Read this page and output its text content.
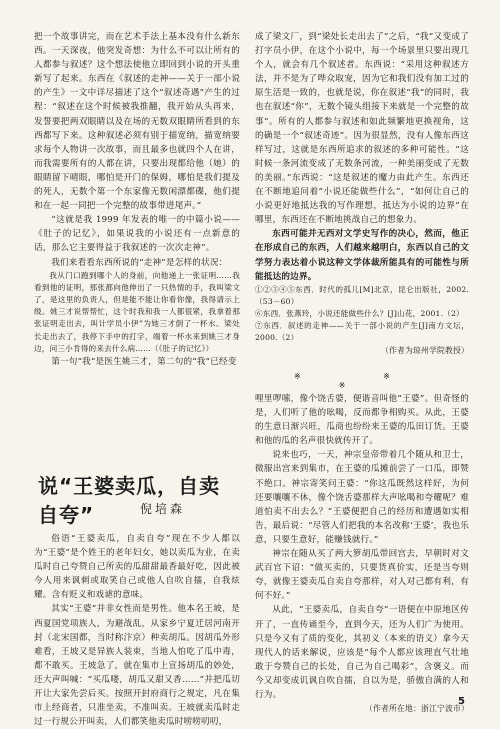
把一个故事讲完，而在艺术手法上基本没有什么新东西。一天深夜，他突发奇想：为什么不可以让所有的人都参与叙述？这个想法使他立即回到小说的开头重新写了起来。东西在《叙述的走神——关于一部小说的产生》一文中详尽描述了这个“叙述奇遇”产生的过程：“叙述在这个时候被我推翻，我开始从头再来，发誓要把两双眼睛以及在场的无数双眼睛所看到的东西都写下来。这种叙述必须有别于描宽纳，描宽纳要求每个人物讲一次故事，而且最多也就四个人在讲，而我需要所有的人都在讲，只要出现都给他（她）的眼睛留下晴眼，哪怕是开门的保姆，哪怕是我们提及的死人，无数个第一个东家像无数闲漂都碟，他们提和在一起一同把一个完整的故事带进尾声。”

“这就是我 1999 年发表的唯一的中篇小说——《肚子的记忆》，如果说我的小说还有一点新意的话，那么它主要得益于我叙述的一次次走神”。

我们来看看东西所说的“走神”是怎样的状况：

我从门口跑到哪个人的身前，向他递上一张证明……我看到他的证明，那张都向他伸出了一只热情的手，我叫梁文了，是这里的负责人，但是能不能让你看你像，我得请示上级。姚三才说帮帮忙，这个时我和我一人都很紧，我拿着那张证明走出去，叫计学员小伊”为她三才倒了一杯水。梁处长走出去了，我停下手中的打字，端着一杯水来到姚三才身边，问三小肯得的来去什么病……（《肚子的记忆》）

第一句“我”是医生姚三才，第二句的“我”已经变

成了梁文厂，到“梁处长走出去了”之后，“我”又变成了打字员小伊，在这个小说中，每一个场景里只要出现几个人，就会有几个叙述者。东西说：“采用这种叙述方法，并不是为了哗众取宠，因为它和我们没有加工过的原生活是一致的，也就是说，你在叙述“我”的同时，我也在叙述“你”，无数个镜头组接下来就是一个完整的故事”。所有的人都参与叙述和如此频繁地更换视角，这的确是一个“叙述奇迹”。因为很显然，没有人像东西这样写过，这就是东西所追求的叙述的多种可能性。“这时候一条河流变成了无数条河流，一种美丽变成了无数的美丽。”东西说：“这是叙述的魔力由此产生。东西还在不断地追问着“小说还能做些什么”，“如何让自己的小说更好地抵达我的写作理想，抵达为小说的边界”在哪里，东西还在不断地挑战自己的想象力。

东西可能并无西对文学史写作的决心，然而，他正在形成自己的东西，人们越来越明白，东西以自己的文学努力表达着小说这种文学体裁所能具有的可能性与所能抵达的边界。

①②③④⑤东西．时代的孤儿[M]北京，昆仑出版社，2002.（53－60）

⑥东西．张燕玲，小说还能做些什么？[J]山花，2001.（2）

⑦东西．叙述的走神——关于一部小说的产生[J]南方文坛，2000.（2）

（作者为琼州学院教授）

※ ※ ※
说“王婆卖瓜，自卖自夸”	倪培森

俗语“王婆卖瓜，自卖自夸”现在不少人都以为“王婆”是个姓王的老年妇女，她以卖瓜为业，在卖瓜时自己夸赞自己所卖的瓜甜甜最香最好吃，因此被今人用来讽刺或取笑自己或他人自吹自擂，自我炫耀。含有贬义和戏谑的意味。

其实“王婆”并非女性而是男性。他本名王坡，是西夏国党项族人，为避战乱，从家乡宁夏迁居河南开封（北宋国都，当时称汴京）种卖胡瓜。因胡瓜外形难看，王坡又是异族人装束，当地人怕吃了瓜中毒，都不敢买。王坡急了，就在集市上宣扬胡瓜的妙处，还大声叫喊：“买瓜喽，胡瓜又甜又香……”并把瓜切开让大家先尝后买。按照开封府商行之规定，凡在集市上经商者，只准坐卖，不准叫卖。王坡就卖瓜时走过一行规公开叫卖，人们都笑他卖瓜时唠唠叨叨，

哩里啰嗦，像个饶舌婆，便谐音叫他“王婆”。但奇怪的是，人们听了他的吆喝，反而都争相购买。从此，王婆的生意日渐兴旺，瓜商也纷纷来王婆的瓜田订货。王婆和他的瓜的名声很快就传开了。

说来也巧，一天，神宗皇帝带着几个随从和卫士，微服出宫来到集市，在王婆的瓜摊前尝了一口瓜，即赞不绝口。神宗寄笑问王婆：“你这瓜既然这样好，为何还要嚷嚷不休，像个饶舌婆那样大声吆喝和夸耀呢？难道怕卖不出去么？”王婆便把自己的经历和遭遇如实相告，最后说：“尽管人们把我的本名改称‘王婆’，我也乐意，只要生意好，能赚钱就行。”

神宗在随从买了两大箩胡瓜带回宫去，早朝时对文武百官下诏：“做买卖的，只要货真价实，还是当夸则夸，就像王婆卖瓜自卖自夸那样，对人对己都有利，有何不好。”

从此，“王婆卖瓜，自卖自夸”一语便在中原地区传开了，一直传诵至今，直到今天，还为人们广为使用。只是今又有了质的变化，其初义（本来的语义）拿今天现代人的话来解说，应该是“每个人都应该理直气壮地敢于夸赞自己的长处，自己为自己喝彩”，含褒义。而今又却变成讥讽自吹自擂，自以为是，骄傲自满的人和行为。

（作者所在地：浙江宁波市）

5
